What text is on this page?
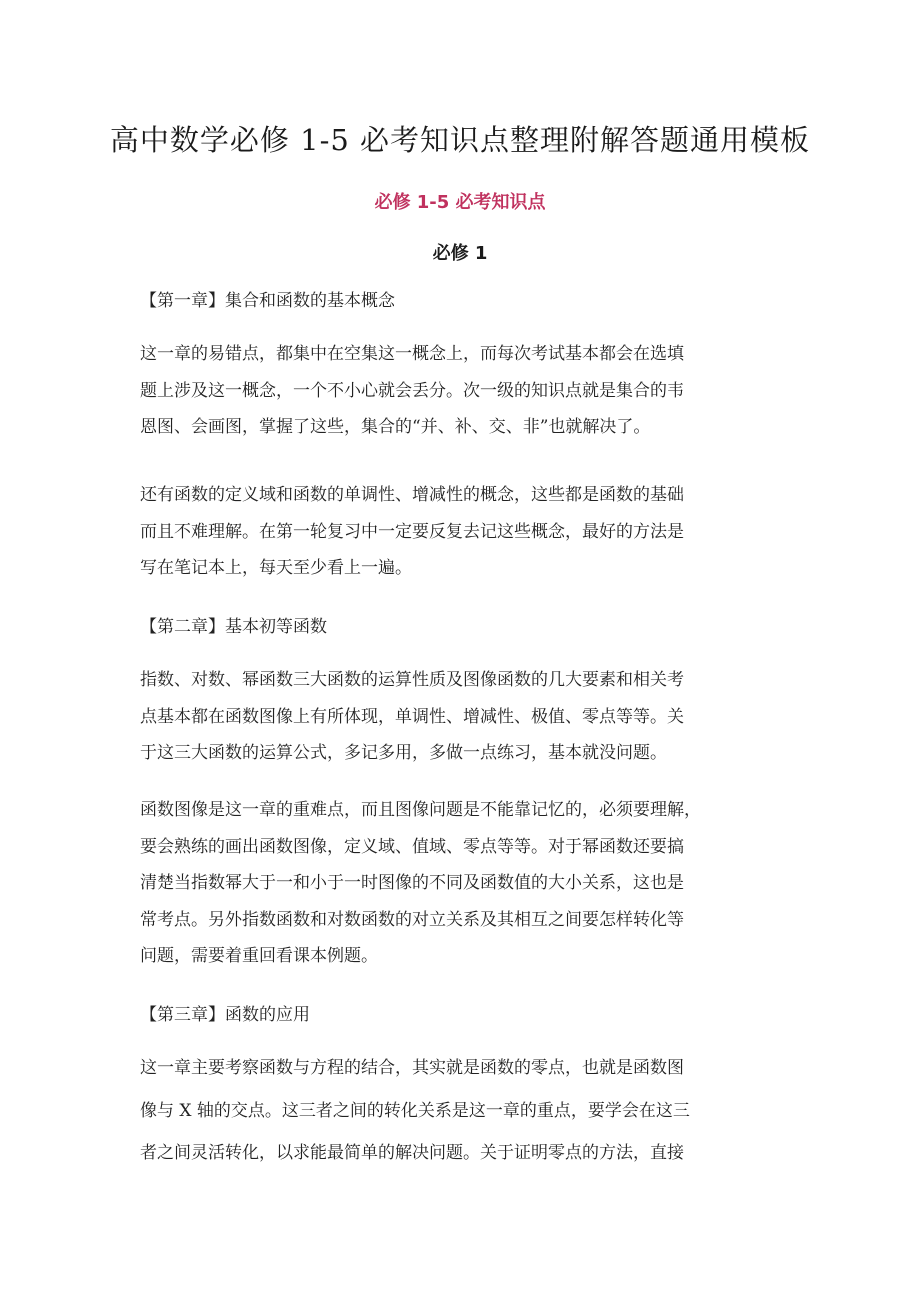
高中数学必修 1-5 必考知识点整理附解答题通用模板
必修 1-5 必考知识点
必修 1
【第一章】集合和函数的基本概念
这一章的易错点，都集中在空集这一概念上，而每次考试基本都会在选填
题上涉及这一概念，一个不小心就会丢分。次一级的知识点就是集合的韦
恩图、会画图，掌握了这些，集合的“并、补、交、非”也就解决了。
还有函数的定义域和函数的单调性、增减性的概念，这些都是函数的基础
而且不难理解。在第一轮复习中一定要反复去记这些概念，最好的方法是
写在笔记本上，每天至少看上一遍。
【第二章】基本初等函数
指数、对数、幂函数三大函数的运算性质及图像函数的几大要素和相关考
点基本都在函数图像上有所体现，单调性、增减性、极值、零点等等。关
于这三大函数的运算公式，多记多用，多做一点练习，基本就没问题。
函数图像是这一章的重难点，而且图像问题是不能靠记忆的，必须要理解，
要会熟练的画出函数图像，定义域、值域、零点等等。对于幂函数还要搞
清楚当指数幂大于一和小于一时图像的不同及函数值的大小关系，这也是
常考点。另外指数函数和对数函数的对立关系及其相互之间要怎样转化等
问题，需要着重回看课本例题。
【第三章】函数的应用
这一章主要考察函数与方程的结合，其实就是函数的零点，也就是函数图
像与 X 轴的交点。这三者之间的转化关系是这一章的重点，要学会在这三
者之间灵活转化，以求能最简单的解决问题。关于证明零点的方法，直接
